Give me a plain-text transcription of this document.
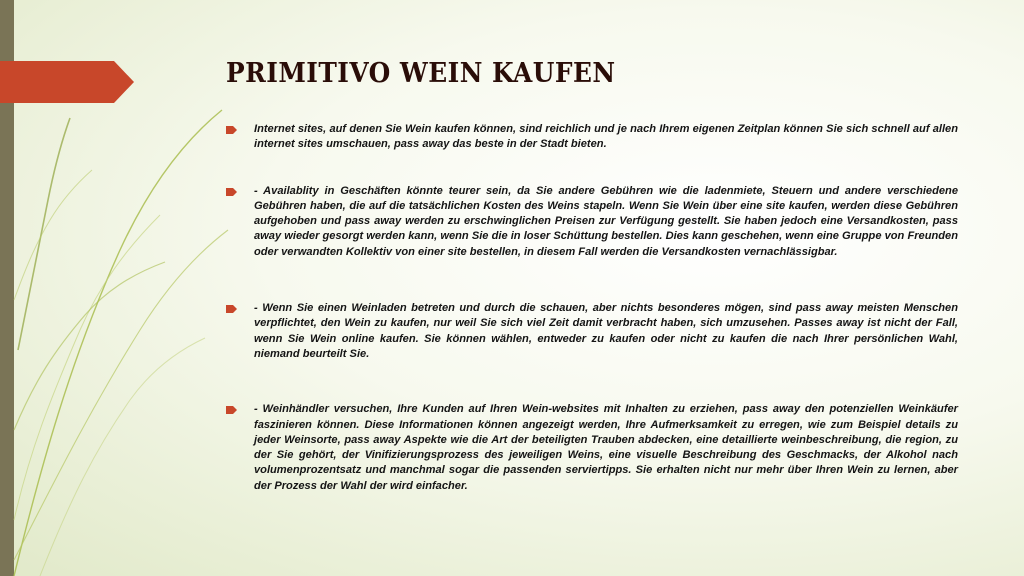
PRIMITIVO WEIN KAUFEN
Internet sites, auf denen Sie Wein kaufen können, sind reichlich und je nach Ihrem eigenen Zeitplan können Sie sich schnell auf allen internet sites umschauen, pass away das beste in der Stadt bieten.
- Availablity in Geschäften könnte teurer sein, da Sie andere Gebühren wie die ladenmiete, Steuern und andere verschiedene Gebühren haben, die auf die tatsächlichen Kosten des Weins stapeln. Wenn Sie Wein über eine site kaufen, werden diese Gebühren aufgehoben und pass away werden zu erschwinglichen Preisen zur Verfügung gestellt. Sie haben jedoch eine Versandkosten, pass away wieder gesorgt werden kann, wenn Sie die in loser Schüttung bestellen. Dies kann geschehen, wenn eine Gruppe von Freunden oder verwandten Kollektiv von einer site bestellen, in diesem Fall werden die Versandkosten vernachlässigbar.
- Wenn Sie einen Weinladen betreten und durch die schauen, aber nichts besonderes mögen, sind pass away meisten Menschen verpflichtet, den Wein zu kaufen, nur weil Sie sich viel Zeit damit verbracht haben, sich umzusehen. Passes away ist nicht der Fall, wenn Sie Wein online kaufen. Sie können wählen, entweder zu kaufen oder nicht zu kaufen die nach Ihrer persönlichen Wahl, niemand beurteilt Sie.
- Weinhändler versuchen, Ihre Kunden auf Ihren Wein-websites mit Inhalten zu erziehen, pass away den potenziellen Weinkäufer faszinieren können. Diese Informationen können angezeigt werden, Ihre Aufmerksamkeit zu erregen, wie zum Beispiel details zu jeder Weinsorte, pass away Aspekte wie die Art der beteiligten Trauben abdecken, eine detaillierte weinbeschreibung, die region, zu der Sie gehört, der Vinifizierungsprozess des jeweiligen Weins, eine visuelle Beschreibung des Geschmacks, der Alkohol nach volumenprozentsatz und manchmal sogar die passenden serviertipps. Sie erhalten nicht nur mehr über Ihren Wein zu lernen, aber der Prozess der Wahl der wird einfacher.
